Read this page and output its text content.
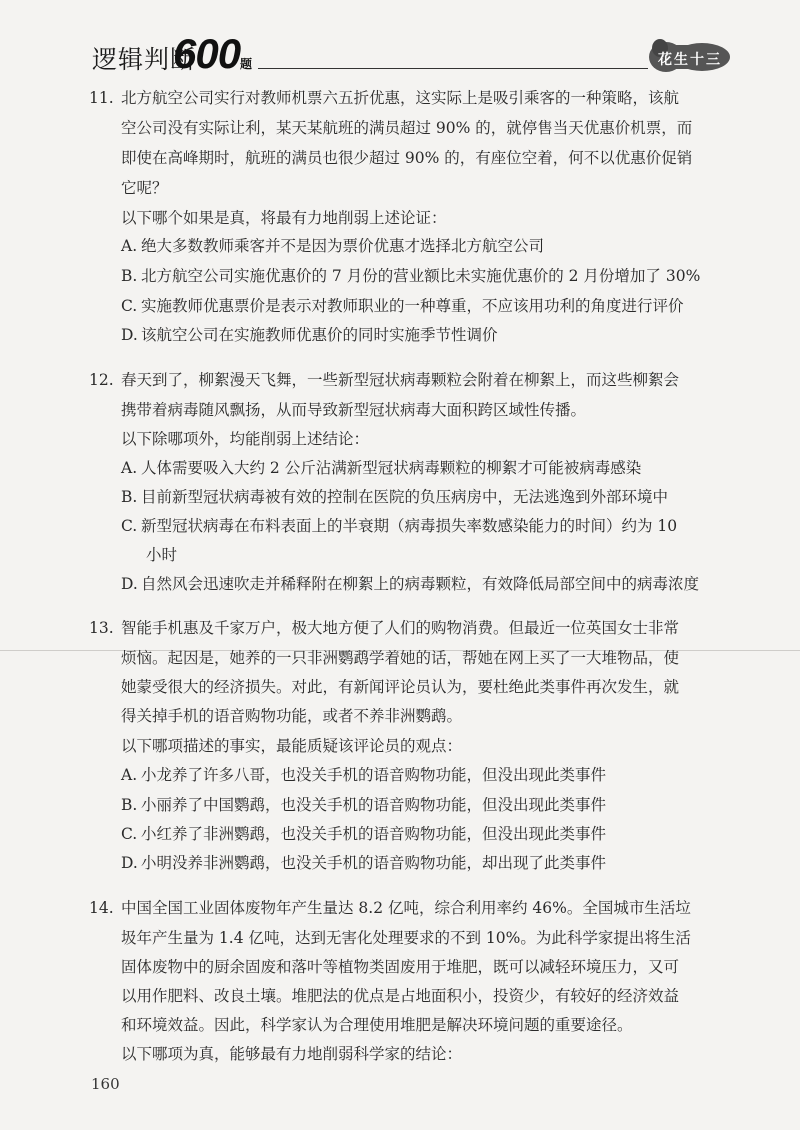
逻辑判断
600 题	花生十三
11. 北方航空公司实行对教师机票六五折优惠，这实际上是吸引乘客的一种策略，该航
空公司没有实际让利，某天某航班的满员超过 90% 的，就停售当天优惠价机票，而
即使在高峰期时，航班的满员也很少超过 90% 的，有座位空着，何不以优惠价促销
它呢？
以下哪个如果是真，将最有力地削弱上述论证：
A. 绝大多数教师乘客并不是因为票价优惠才选择北方航空公司
B. 北方航空公司实施优惠价的 7 月份的营业额比未实施优惠价的 2 月份增加了 30%
C. 实施教师优惠票价是表示对教师职业的一种尊重，不应该用功利的角度进行评价
D. 该航空公司在实施教师优惠价的同时实施季节性调价
12. 春天到了，柳絮漫天飞舞，一些新型冠状病毒颗粒会附着在柳絮上，而这些柳絮会
携带着病毒随风飘扬，从而导致新型冠状病毒大面积跨区域性传播。
以下除哪项外，均能削弱上述结论：
A. 人体需要吸入大约 2 公斤沾满新型冠状病毒颗粒的柳絮才可能被病毒感染
B. 目前新型冠状病毒被有效的控制在医院的负压病房中，无法逃逸到外部环境中
C. 新型冠状病毒在布料表面上的半衰期（病毒损失率数感染能力的时间）约为 10
小时
D. 自然风会迅速吹走并稀释附在柳絮上的病毒颗粒，有效降低局部空间中的病毒浓度
13. 智能手机惠及千家万户，极大地方便了人们的购物消费。但最近一位英国女士非常
烦恼。起因是，她养的一只非洲鹦鹉学着她的话，帮她在网上买了一大堆物品，使
她蒙受很大的经济损失。对此，有新闻评论员认为，要杜绝此类事件再次发生，就
得关掉手机的语音购物功能，或者不养非洲鹦鹉。
以下哪项描述的事实，最能质疑该评论员的观点：
A. 小龙养了许多八哥，也没关手机的语音购物功能，但没出现此类事件
B. 小丽养了中国鹦鹉，也没关手机的语音购物功能，但没出现此类事件
C. 小红养了非洲鹦鹉，也没关手机的语音购物功能，但没出现此类事件
D. 小明没养非洲鹦鹉，也没关手机的语音购物功能，却出现了此类事件
14. 中国全国工业固体废物年产生量达 8.2 亿吨，综合利用率约 46%。全国城市生活垃
圾年产生量为 1.4 亿吨，达到无害化处理要求的不到 10%。为此科学家提出将生活
固体废物中的厨余固废和落叶等植物类固废用于堆肥，既可以减轻环境压力，又可
以用作肥料、改良土壤。堆肥法的优点是占地面积小，投资少，有较好的经济效益
和环境效益。因此，科学家认为合理使用堆肥是解决环境问题的重要途径。
以下哪项为真，能够最有力地削弱科学家的结论：
160
